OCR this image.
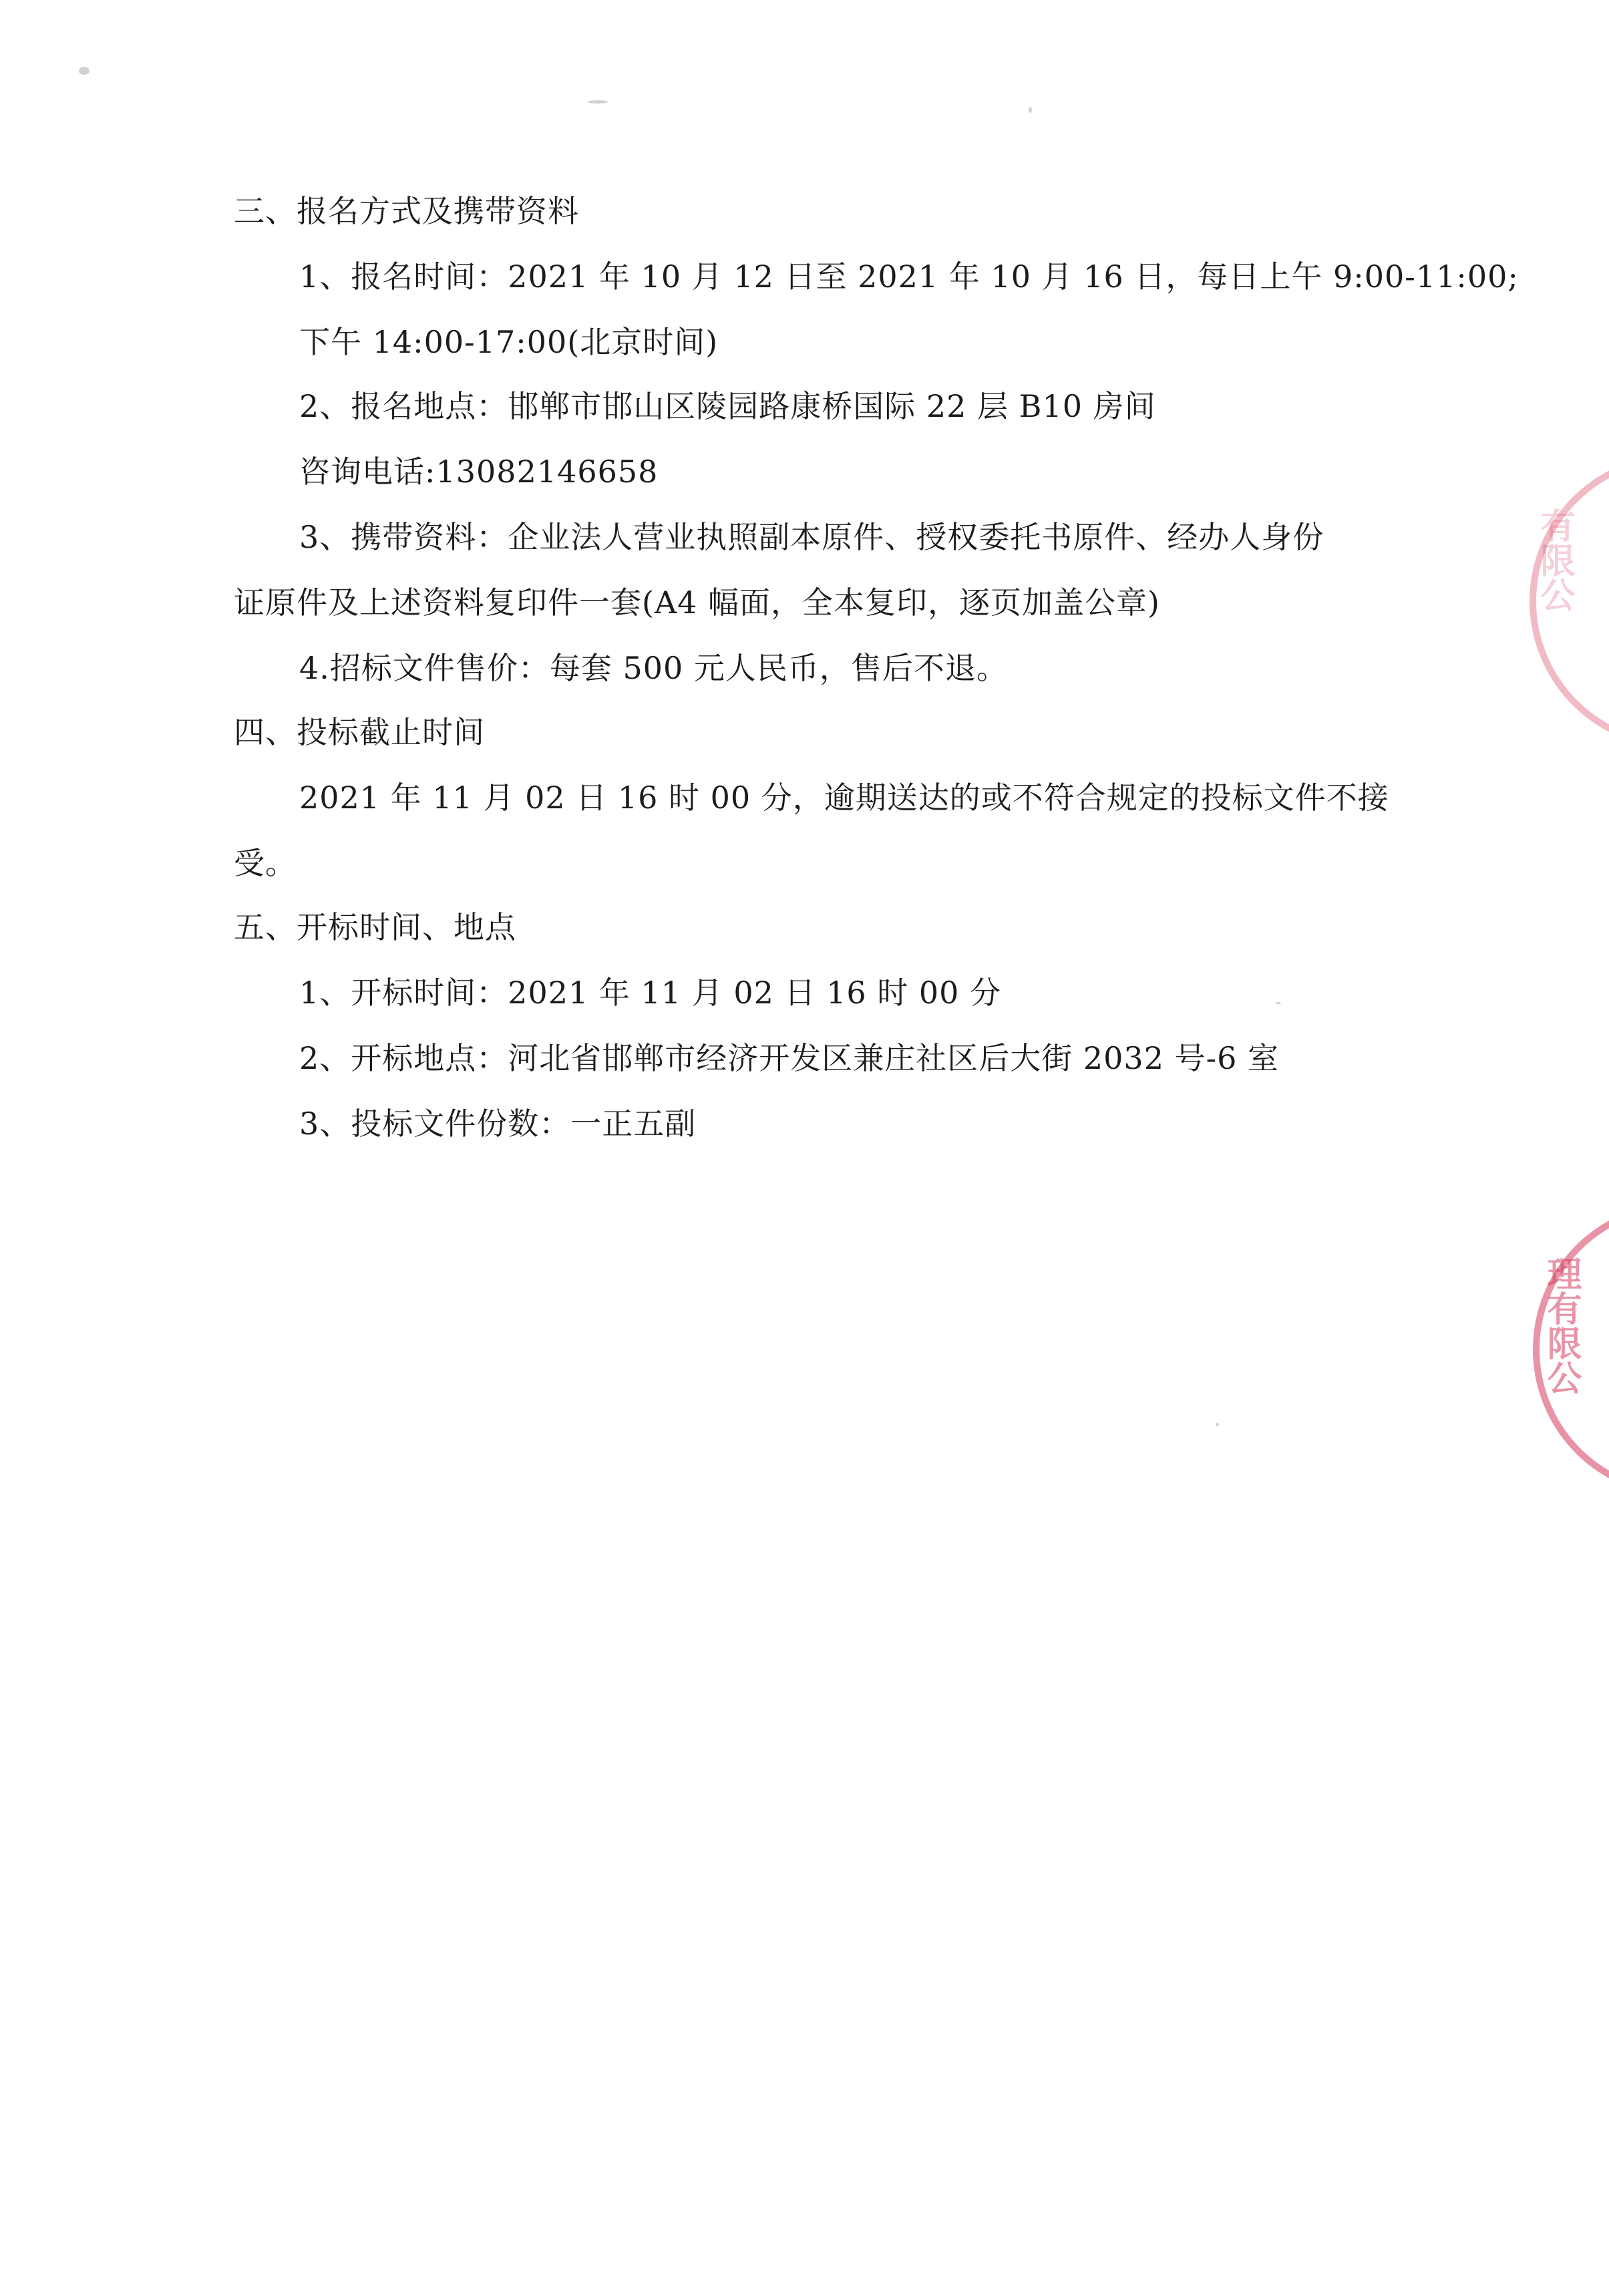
三、报名方式及携带资料
1、报名时间：2021 年 10 月 12 日至 2021 年 10 月 16 日，每日上午 9:00-11:00;
下午 14:00-17:00(北京时间)
2、报名地点：邯郸市邯山区陵园路康桥国际 22 层 B10 房间
咨询电话:13082146658
3、携带资料：企业法人营业执照副本原件、授权委托书原件、经办人身份
证原件及上述资料复印件一套(A4 幅面，全本复印，逐页加盖公章)
4.招标文件售价：每套 500 元人民币，售后不退。
四、投标截止时间
2021 年 11 月 02 日 16 时 00 分，逾期送达的或不符合规定的投标文件不接
受。
五、开标时间、地点
1、开标时间：2021 年 11 月 02 日 16 时 00 分
2、开标地点：河北省邯郸市经济开发区兼庄社区后大街 2032 号-6 室
3、投标文件份数：一正五副
有限公
理有限公
